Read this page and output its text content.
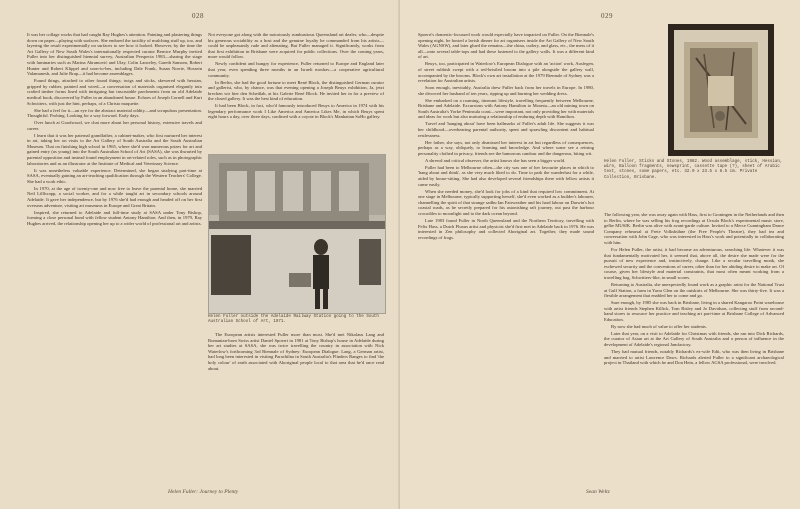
028

It was her collage works that had caught Ray Hughes's attention. Painting and plastering things down on paper—playing with surfaces. She endured the tactility of mulching stuff up, too, and layering the result experimentally on surfaces to see how it looked. However, by the time the Art Gallery of New South Wales's internationally respected curator Bernice Murphy invited Fuller into her distinguished biennial survey, Australian Perspecta 1983—sharing the stage with luminaries such as Marina Abramović and Ulay, Colin Lanceley, Gareth Sansom, Robert Hunter and Robert Klippel and soon-to-bes, including Dale Frank, Susan Norrie, Hossein Valamanesh, and Julie Rrap—it had become assemblages.

Found things, attached to other found things; twigs and sticks, skewered with hessian, gripped by rubber, painted and wired—a conversation of materials organised elegantly into crafted timber forms lined with intriguing but inscrutable parchments from an old Adelaide medical book, discovered by Fuller in an abandoned house. Echoes of Joseph Cornell and Kurt Schwitters, with just the hint, perhaps, of a Christo maquette.

She had a feel for it—an eye for the abstract material oddity—and scrupulous presentation. Thoughtful. Probing. Looking for a way forward. Early days.

Over lunch at Goodwood, we chat more about her personal history, extensive travels and career.

I learn that it was her paternal grandfather, a cabinet-maker, who first nurtured her interest in art, taking her on visits to the Art Gallery of South Australia and the South Australian Museum. That on finishing high school in 1965, where she'd won numerous prizes for art and gained entry (as young) into the South Australian School of Art (SASA), she was thwarted by parental opposition and instead found employment in art-related roles, such as in photographic laboratories and as an illustrator at the Institute of Medical and Veterinary Science.

It was nonetheless valuable experience. Determined, she began studying part-time at SASA, eventually gaining an art-teaching qualification through the Western Teachers' College. She had a work ethic.

In 1970, at the age of twenty-one and now free to leave the parental home, she married Neil Lilllcrapp, a social worker, and for a while taught art in secondary schools around Adelaide. It gave her independence, but by 1976 she'd had enough and headed off on her first overseas adventure, visiting art museums in Europe and Great Britain.

Inspired, she returned to Adelaide and full-time study at SASA under Tony Bishop, forming a close personal bond with fellow student Antony Hamilton. And then, in 1979, Ray Hughes arrived, the relationship opening her up to a wider world of professional art and artists.

Not everyone got along with the notoriously rumbustious Queensland art dealer, who—despite his generous sociability as a host and the genuine loyalty he commanded from his artists—could be unpleasantly rude and alienating. But Fuller managed it. Significantly, works from that first exhibition in Brisbane were acquired for public collections. Over the coming years, more would follow.

Newly confident and hungry for experience, Fuller returned to Europe and England later that year, even spending three months in an Israeli moshav—a cooperative agricultural community.

In Berlin, she had the good fortune to meet René Block, the distinguished German curator and gallerist, who, by chance, was that evening opening a Joseph Beuys exhibition, Ja, jetzt brechen wir hier den Scheißab, at his Galerie René Block. He invited her in for a preview of the closed gallery. It was the best kind of education.

It had been Block, in fact, who'd famously introduced Beuys to America in 1974 with his legendary performance work I Like America and America Likes Me, in which Beuys spent eight hours a day, over three days, confined with a coyote in Block's Manhattan SoHo gallery.

Helen Fuller outside the Adelaide Railway Station going to the South Australian School of Art, 1971.

The European artists interested Fuller more than most. She'd met Nikolaus Lang and Romanian-born Swiss artist Daniel Spoerri in 1981 at Tony Bishop's house in Adelaide during her art studies at SASA, she was twice travelling the country in association with Nick Waterlow's forthcoming 3rd Biennale of Sydney: European Dialogue. Lang, a German artist, had long been interested in visiting Parachilna in South Australia's Flinders Ranges to find 'the holy colour' of earth associated with Aboriginal people local to that area that he'd once read about.

Helen Fuller: Journey to Plenty
029

Spoerri's domestic-focussed work would especially have impacted on Fuller. On the Biennale's opening night, he hosted a lavish dinner for art organisers inside the Art Gallery of New South Wales (AGNSW), and later glued the remains—the china, cutlery, and glass, etc., the mess of it all—onto several table-tops and had these fastened to the gallery walls. It was a different kind of art.

Beuys, too, participated in Waterlow's European Dialogue with an 'action' work, Ausfegen, of street rubbish swept with a red-bristled broom into a pile alongside the gallery wall, accompanied by the brooms. Block's own art installation at the 1979 Biennale of Sydney was a revelation for Australian artists.

Soon enough, inevitably, Australia drew Fuller back from her travels in Europe. In 1980, she divorced her husband of ten years, ripping up and burning her wedding dress.

She embarked on a roaming, itinerant lifestyle, travelling frequently between Melbourne, Brisbane and Adelaide. Excursions with Antony Hamilton to Moonta—an old mining town on South Australia's Yorke Peninsula coast—were important, not only providing her with materials and ideas for work but also nurturing a relationship of enduring depth with Hamilton.

Travel and 'hanging about' have been hallmarks of Fuller's adult life. She suggests it was her childhood—overbearing parental authority, spent and sprawling discontent and habitual restlessness.

Her father, she says, not only dismissed her interest in art but regardless of consequences, perhaps as a way, obliquely, to learning and knowledge. And where some see a retiring personality clothed in privacy, friends see the humorous candour and the dangerous, biting wit.

A shrewd and critical observer, the artist knows she has seen a bigger world.

Fuller had been to Melbourne often—the city was one of her favourite places in which to 'hang about and think', as she very much liked to do. Time to park the wanderlust for a while, aided by house-sitting. She had also developed several friendships there with fellow artists it came easily.

When she needed money, she'd look for jobs of a kind that required low commitment. At one stage in Melbourne, typically supporting herself, she'd even worked as a builder's labourer, channelling the spirit of that strange sadhu Ian Fairweather and his hard labour on Darwin's hot coastal roads, as he secretly prepared for his astonishing raft journey, out past the harbour crocodiles to moonlight and to the dark ocean beyond.

Late 1983 found Fuller in North Queensland and the Northern Territory, travelling with Felix Hass, a Dutch Fluxus artist and physicist she'd first met in Adelaide back in 1976. He was interested in Zen philosophy and collected Aboriginal art. Together, they made sound recordings of frogs.

Helen Fuller, Sticks and Stones, 1982. Wood assemblage, stick, Hessian, wire, Balloon fragments, newsprint, cassette tape (?), sheet of Arabic text, stones, some papers, etc. 32.0 x 23.5 x 8.5 cm. Private Collection, Brisbane.

The following year, she was away again with Hass, first to Groningen in the Netherlands and then to Berlin, where he was selling his frog recordings at Ursula Block's experimental music store, gelbe MUSIK. Berlin was alive with avant-garde culture. Invited to a Merce Cunningham Dance Company rehearsal at Freie Volksbühne (the Free People's Theatre), they had tea and conversation with John Cage, who was interested in Hass's work and potentially in collaborating with him.

For Helen Fuller, the artist, it had become an adventurous, searching life. Whatever it was that fundamentally motivated her, it seemed that, above all, the desire she made were for the pursuit of new experience and, instinctively, change. Like a secular travelling monk, she eschewed security and the conventions of career, other than for her abiding desire to make art. Of course, given her lifestyle and material constraints, that most often meant working from a travelling bag, Schwitters-like, in small scores.

Returning to Australia, she unexpectedly found work as a graphic artist for the National Trust at Gulf Station, a farm in Yarra Glen on the outskirts of Melbourne. She was thirty-five. It was a flexible arrangement that enabled her to come and go.

Sure enough, by 1985 she was back in Brisbane, living in a shared Kangaroo Point warehouse with artist friends Stephen Killick, Tom Risley and Jo Davidson, collecting stuff from second-hand stores to resource her practice and teaching art part-time at Brisbane College of Advanced Education.

By now she had much of value to offer her students.

Later that year, on a visit to Adelaide for Christmas with friends, she ran into Dick Richards, the curator of Asian art at the Art Gallery of South Australia and a person of influence in the development of Adelaide's regional Jamfactory.

They had mutual friends, notably Richards's ex-wife Edit, who was then living in Brisbane and married to artist Lawrence Daws. Richards alerted Fuller to a significant archaeological project in Thailand with which he and Don Hein, a fellow AGSA professional, were involved.

Sean Weltz
